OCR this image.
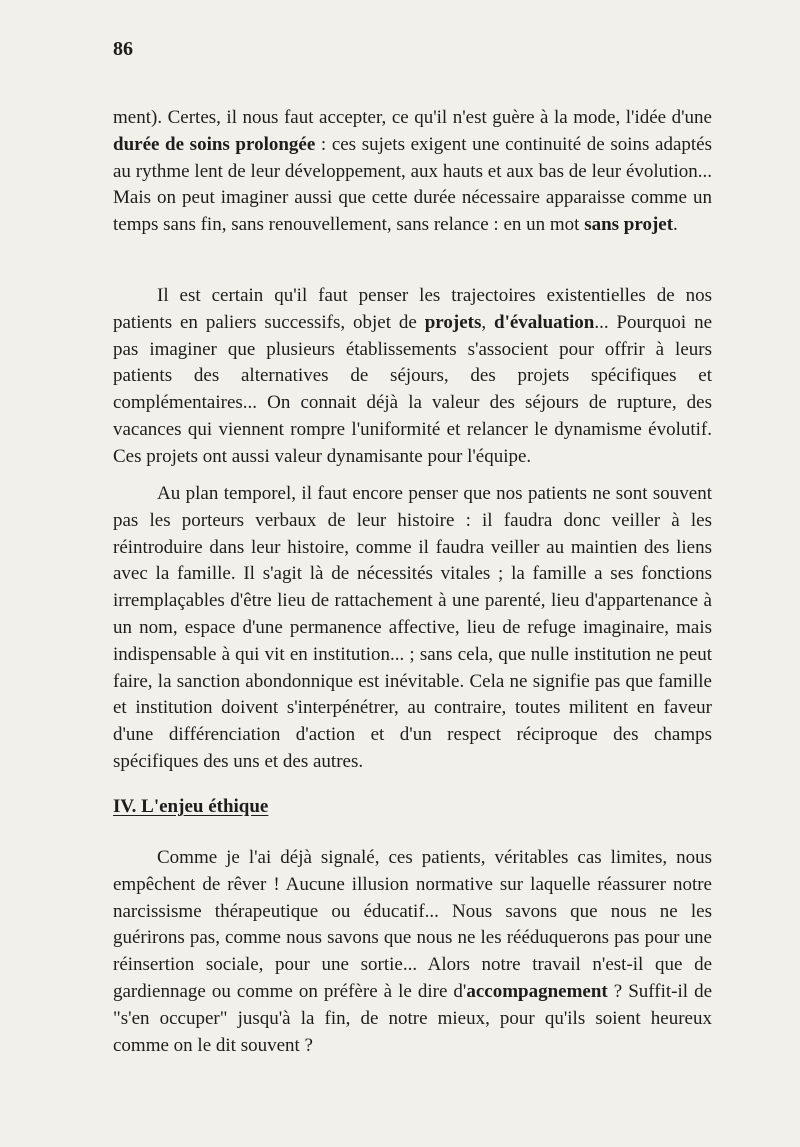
86

ment). Certes, il nous faut accepter, ce qu'il n'est guère à la mode, l'idée d'une durée de soins prolongée : ces sujets exigent une continuité de soins adaptés au rythme lent de leur développement, aux hauts et aux bas de leur évolution... Mais on peut imaginer aussi que cette durée nécessaire apparaisse comme un temps sans fin, sans renouvellement, sans relance : en un mot sans projet.

Il est certain qu'il faut penser les trajectoires existentielles de nos patients en paliers successifs, objet de projets, d'évaluation... Pourquoi ne pas imaginer que plusieurs établissements s'associent pour offrir à leurs patients des alternatives de séjours, des projets spécifiques et complémentaires... On connait déjà la valeur des séjours de rupture, des vacances qui viennent rompre l'uniformité et relancer le dynamisme évolutif. Ces projets ont aussi valeur dynamisante pour l'équipe.

Au plan temporel, il faut encore penser que nos patients ne sont souvent pas les porteurs verbaux de leur histoire : il faudra donc veiller à les réintroduire dans leur histoire, comme il faudra veiller au maintien des liens avec la famille. Il s'agit là de nécessités vitales ; la famille a ses fonctions irremplaçables d'être lieu de rattachement à une parenté, lieu d'appartenance à un nom, espace d'une permanence affective, lieu de refuge imaginaire, mais indispensable à qui vit en institution... ; sans cela, que nulle institution ne peut faire, la sanction abondonnique est inévitable. Cela ne signifie pas que famille et institution doivent s'interpénétrer, au contraire, toutes militent en faveur d'une différenciation d'action et d'un respect réciproque des champs spécifiques des uns et des autres.

IV. L'enjeu éthique

Comme je l'ai déjà signalé, ces patients, véritables cas limites, nous empêchent de rêver ! Aucune illusion normative sur laquelle réassurer notre narcissisme thérapeutique ou éducatif... Nous savons que nous ne les guérirons pas, comme nous savons que nous ne les rééduquerons pas pour une réinsertion sociale, pour une sortie... Alors notre travail n'est-il que de gardiennage ou comme on préfère à le dire d'accompagnement ? Suffit-il de "s'en occuper" jusqu'à la fin, de notre mieux, pour qu'ils soient heureux comme on le dit souvent ?
